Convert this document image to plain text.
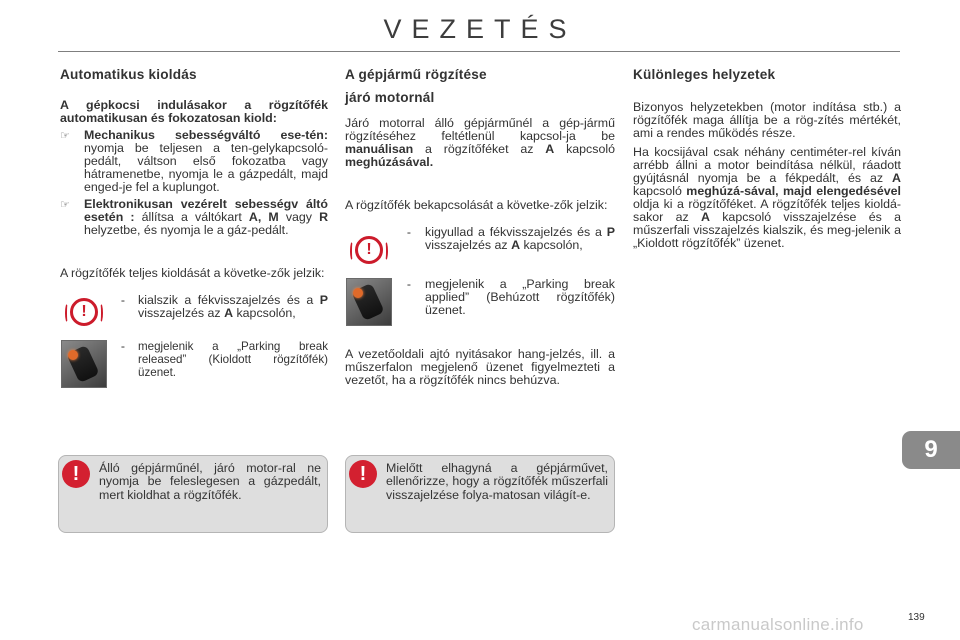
VEZETÉS
Automatikus kioldás

A gépkocsi indulásakor a rögzítőfék automatikusan és fokozatosan kiold:

☞	Mechanikus sebességváltó ese-tén: nyomja be teljesen a ten-gelykapcsoló-pedált, váltson első fokozatba vagy hátramenetbe, nyomja le a gázpedált, majd enged-je fel a kuplungot.
☞	Elektronikusan vezérelt sebességv áltó esetén : állítsa a váltókart A, M vagy R helyzetbe, és nyomja le a gáz-pedált.

A rögzítőfék teljes kioldását a követke-zők jelzik:

!
-	kialszik a fékvisszajelzés és a P visszajelzés az A kapcsolón,
-	megjelenik a „Parking break released” (Kioldott rögzítőfék) üzenet.
A gépjármű rögzítése
járó motornál

Járó motorral álló gépjárműnél a gép-jármű rögzítéséhez feltétlenül kapcsol-ja be manuálisan a rögzítőféket az A kapcsoló meghúzásával.

A rögzítőfék bekapcsolását a követke-zők jelzik:

!
-	kigyullad a fékvisszajelzés és a P visszajelzés az A kapcsolón,
-	megjelenik a „Parking break applied” (Behúzott rögzítőfék) üzenet.

A vezetőoldali ajtó nyitásakor hang-jelzés, ill. a műszerfalon megjelenő üzenet figyelmezteti a vezetőt, ha a rögzítőfék nincs behúzva.

Különleges helyzetek

Bizonyos helyzetekben (motor indítása stb.) a rögzítőfék maga állítja be a rög-zítés mértékét, ami a rendes működés része.

Ha kocsijával csak néhány centiméter-rel kíván arrébb állni a motor beindítása nélkül, ráadott gyújtásnál nyomja be a fékpedált, és az A kapcsoló meghúzá-sával, majd elengedésével oldja ki a rögzítőféket. A rögzítőfék teljes kioldá-sakor az A kapcsoló visszajelzése és a műszerfali visszajelzés kialszik, és meg-jelenik a „Kioldott rögzítőfék” üzenet.

!	Álló gépjárműnél, járó motor-ral ne nyomja be feleslegesen a gázpedált, mert kioldhat a rögzítőfék.
!	Mielőtt elhagyná a gépjárművet, ellenőrizze, hogy a rögzítőfék műszerfali visszajelzése folya-matosan világít-e.
9
carmanualsonline.info	139
